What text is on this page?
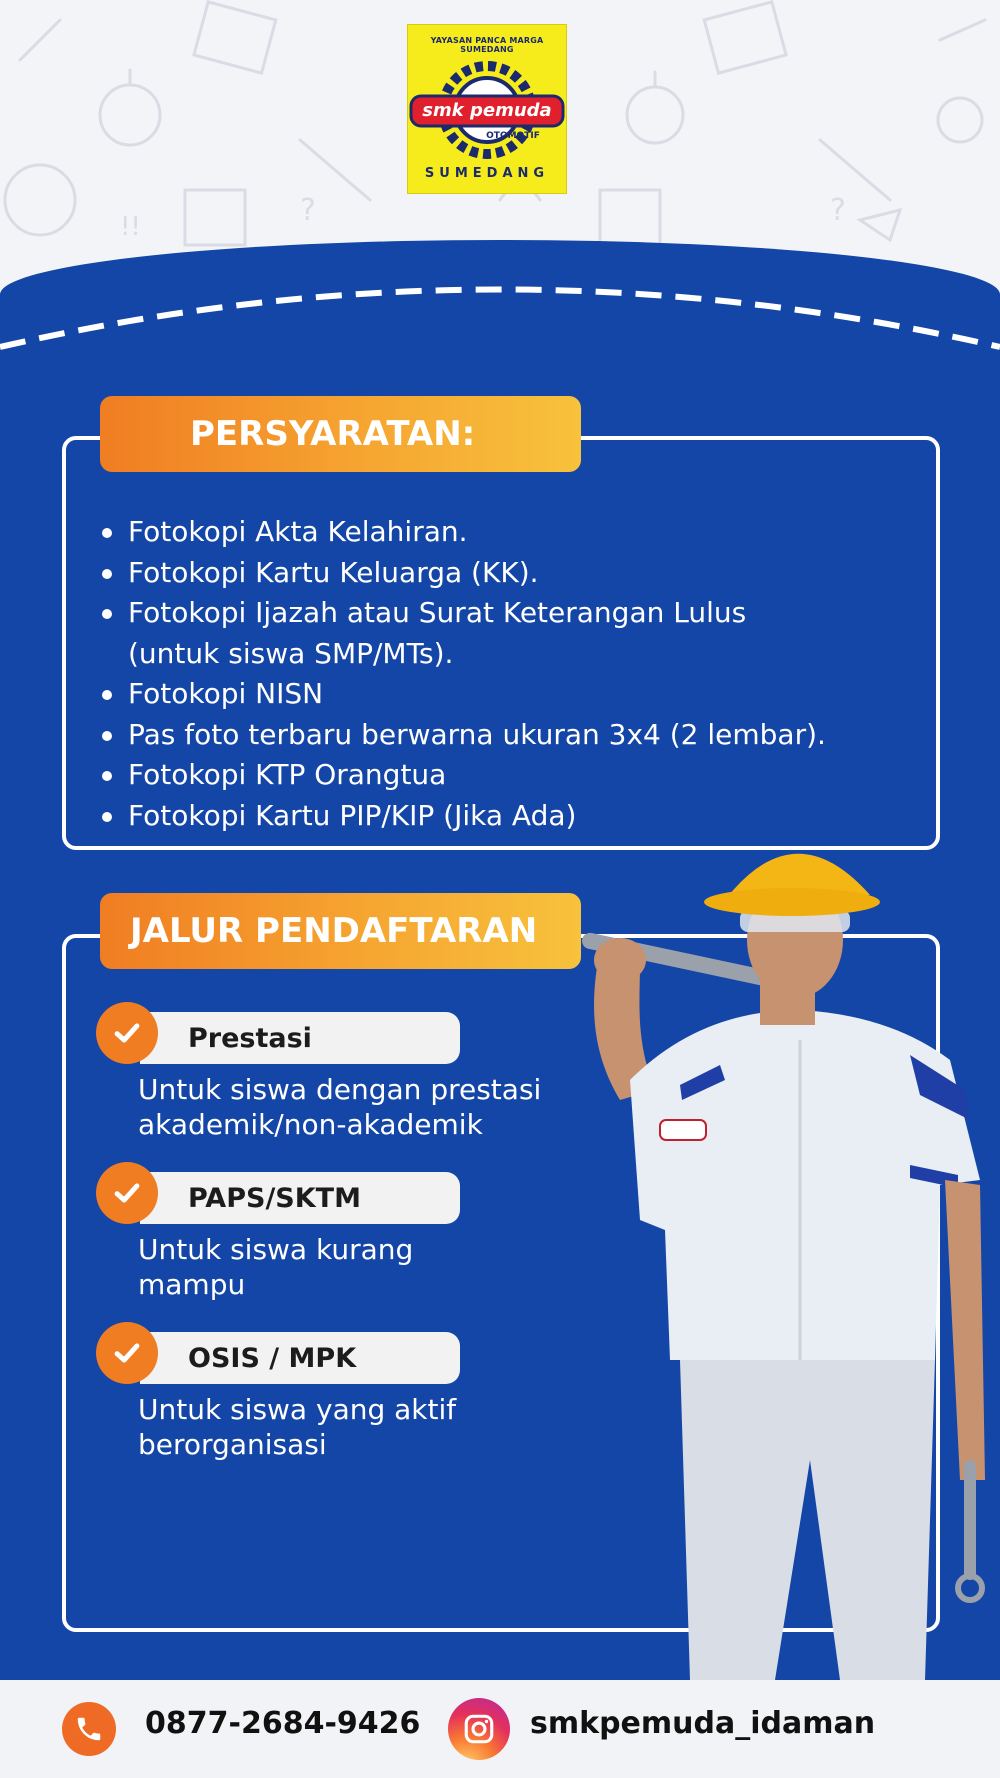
?	?
!!
YAYASAN PANCA MARGA SUMEDANG
smk pemuda
OTOMOTIF
SUMEDANG
PERSYARATAN:
Fotokopi Akta Kelahiran.
Fotokopi Kartu Keluarga (KK).
Fotokopi Ijazah atau Surat Keterangan Lulus
(untuk siswa SMP/MTs).
Fotokopi NISN
Pas foto terbaru berwarna ukuran 3x4 (2 lembar).
Fotokopi KTP Orangtua
Fotokopi Kartu PIP/KIP (Jika Ada)
JALUR PENDAFTARAN
Prestasi
Untuk siswa dengan prestasi
akademik/non-akademik
PAPS/SKTM
Untuk siswa kurang
mampu
OSIS / MPK
Untuk siswa yang aktif
berorganisasi
0877-2684-9426	smkpemuda_idaman
